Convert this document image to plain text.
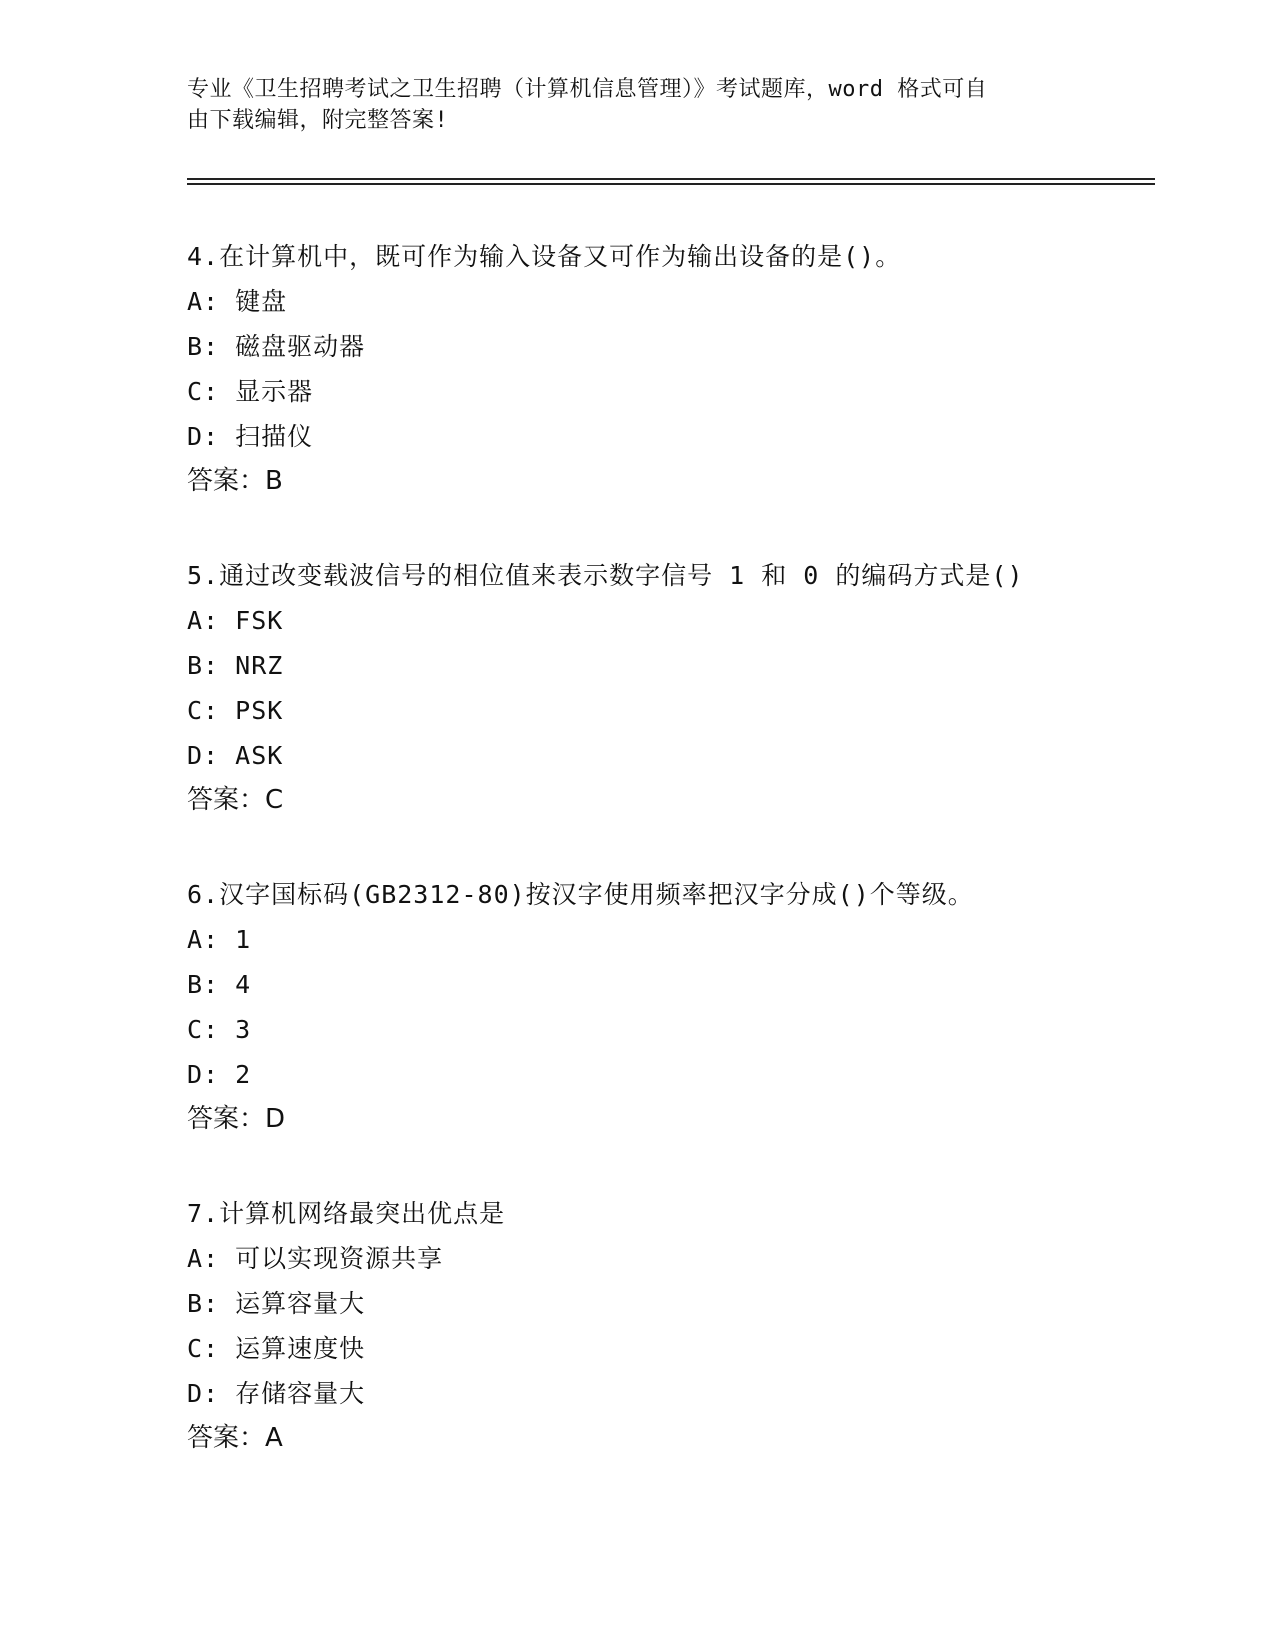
专业《卫生招聘考试之卫生招聘（计算机信息管理）》考试题库，word 格式可自
由下载编辑，附完整答案!
4.在计算机中，既可作为输入设备又可作为输出设备的是()。
A: 键盘
B: 磁盘驱动器
C: 显示器
D: 扫描仪
答案：B
5.通过改变载波信号的相位值来表示数字信号 1 和 0 的编码方式是()
A: FSK
B: NRZ
C: PSK
D: ASK
答案：C
6.汉字国标码(GB2312-80)按汉字使用频率把汉字分成()个等级。
A: 1
B: 4
C: 3
D: 2
答案：D
7.计算机网络最突出优点是
A: 可以实现资源共享
B: 运算容量大
C: 运算速度快
D: 存储容量大
答案：A
